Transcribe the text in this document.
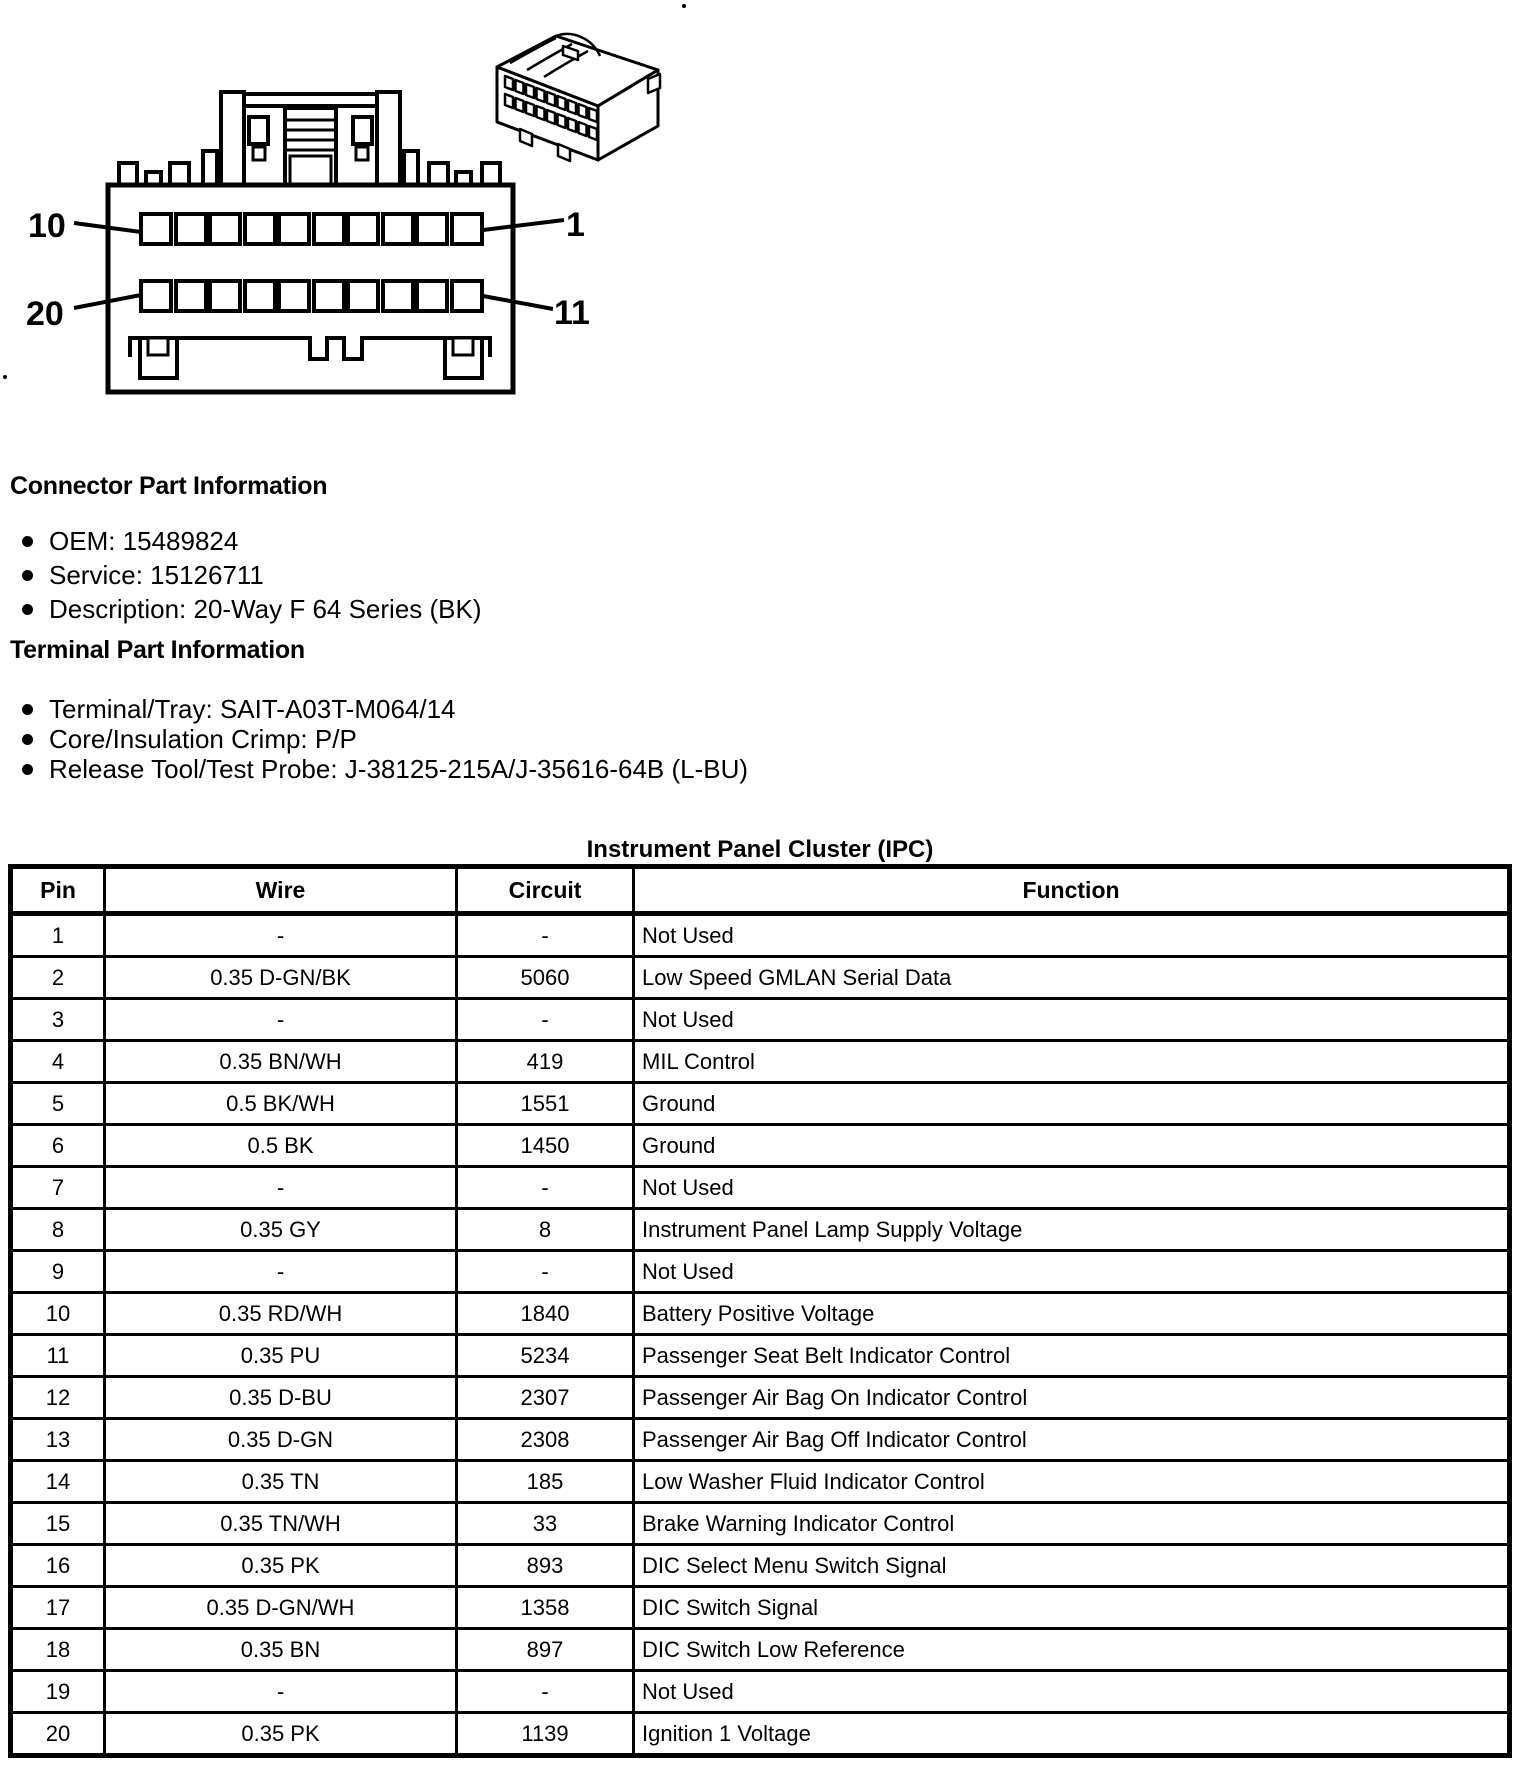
10	1
20	11
Connector Part Information
OEM: 15489824
Service: 15126711
Description: 20-Way F 64 Series (BK)
Terminal Part Information
Terminal/Tray: SAIT-A03T-M064/14
Core/Insulation Crimp: P/P
Release Tool/Test Probe: J-38125-215A/J-35616-64B (L-BU)
Instrument Panel Cluster (IPC)
Pin	Wire	Circuit	Function
1	-	-	Not Used
2	0.35 D-GN/BK	5060	Low Speed GMLAN Serial Data
3	-	-	Not Used
4	0.35 BN/WH	419	MIL Control
5	0.5 BK/WH	1551	Ground
6	0.5 BK	1450	Ground
7	-	-	Not Used
8	0.35 GY	8	Instrument Panel Lamp Supply Voltage
9	-	-	Not Used
10	0.35 RD/WH	1840	Battery Positive Voltage
11	0.35 PU	5234	Passenger Seat Belt Indicator Control
12	0.35 D-BU	2307	Passenger Air Bag On Indicator Control
13	0.35 D-GN	2308	Passenger Air Bag Off Indicator Control
14	0.35 TN	185	Low Washer Fluid Indicator Control
15	0.35 TN/WH	33	Brake Warning Indicator Control
16	0.35 PK	893	DIC Select Menu Switch Signal
17	0.35 D-GN/WH	1358	DIC Switch Signal
18	0.35 BN	897	DIC Switch Low Reference
19	-	-	Not Used
20	0.35 PK	1139	Ignition 1 Voltage
